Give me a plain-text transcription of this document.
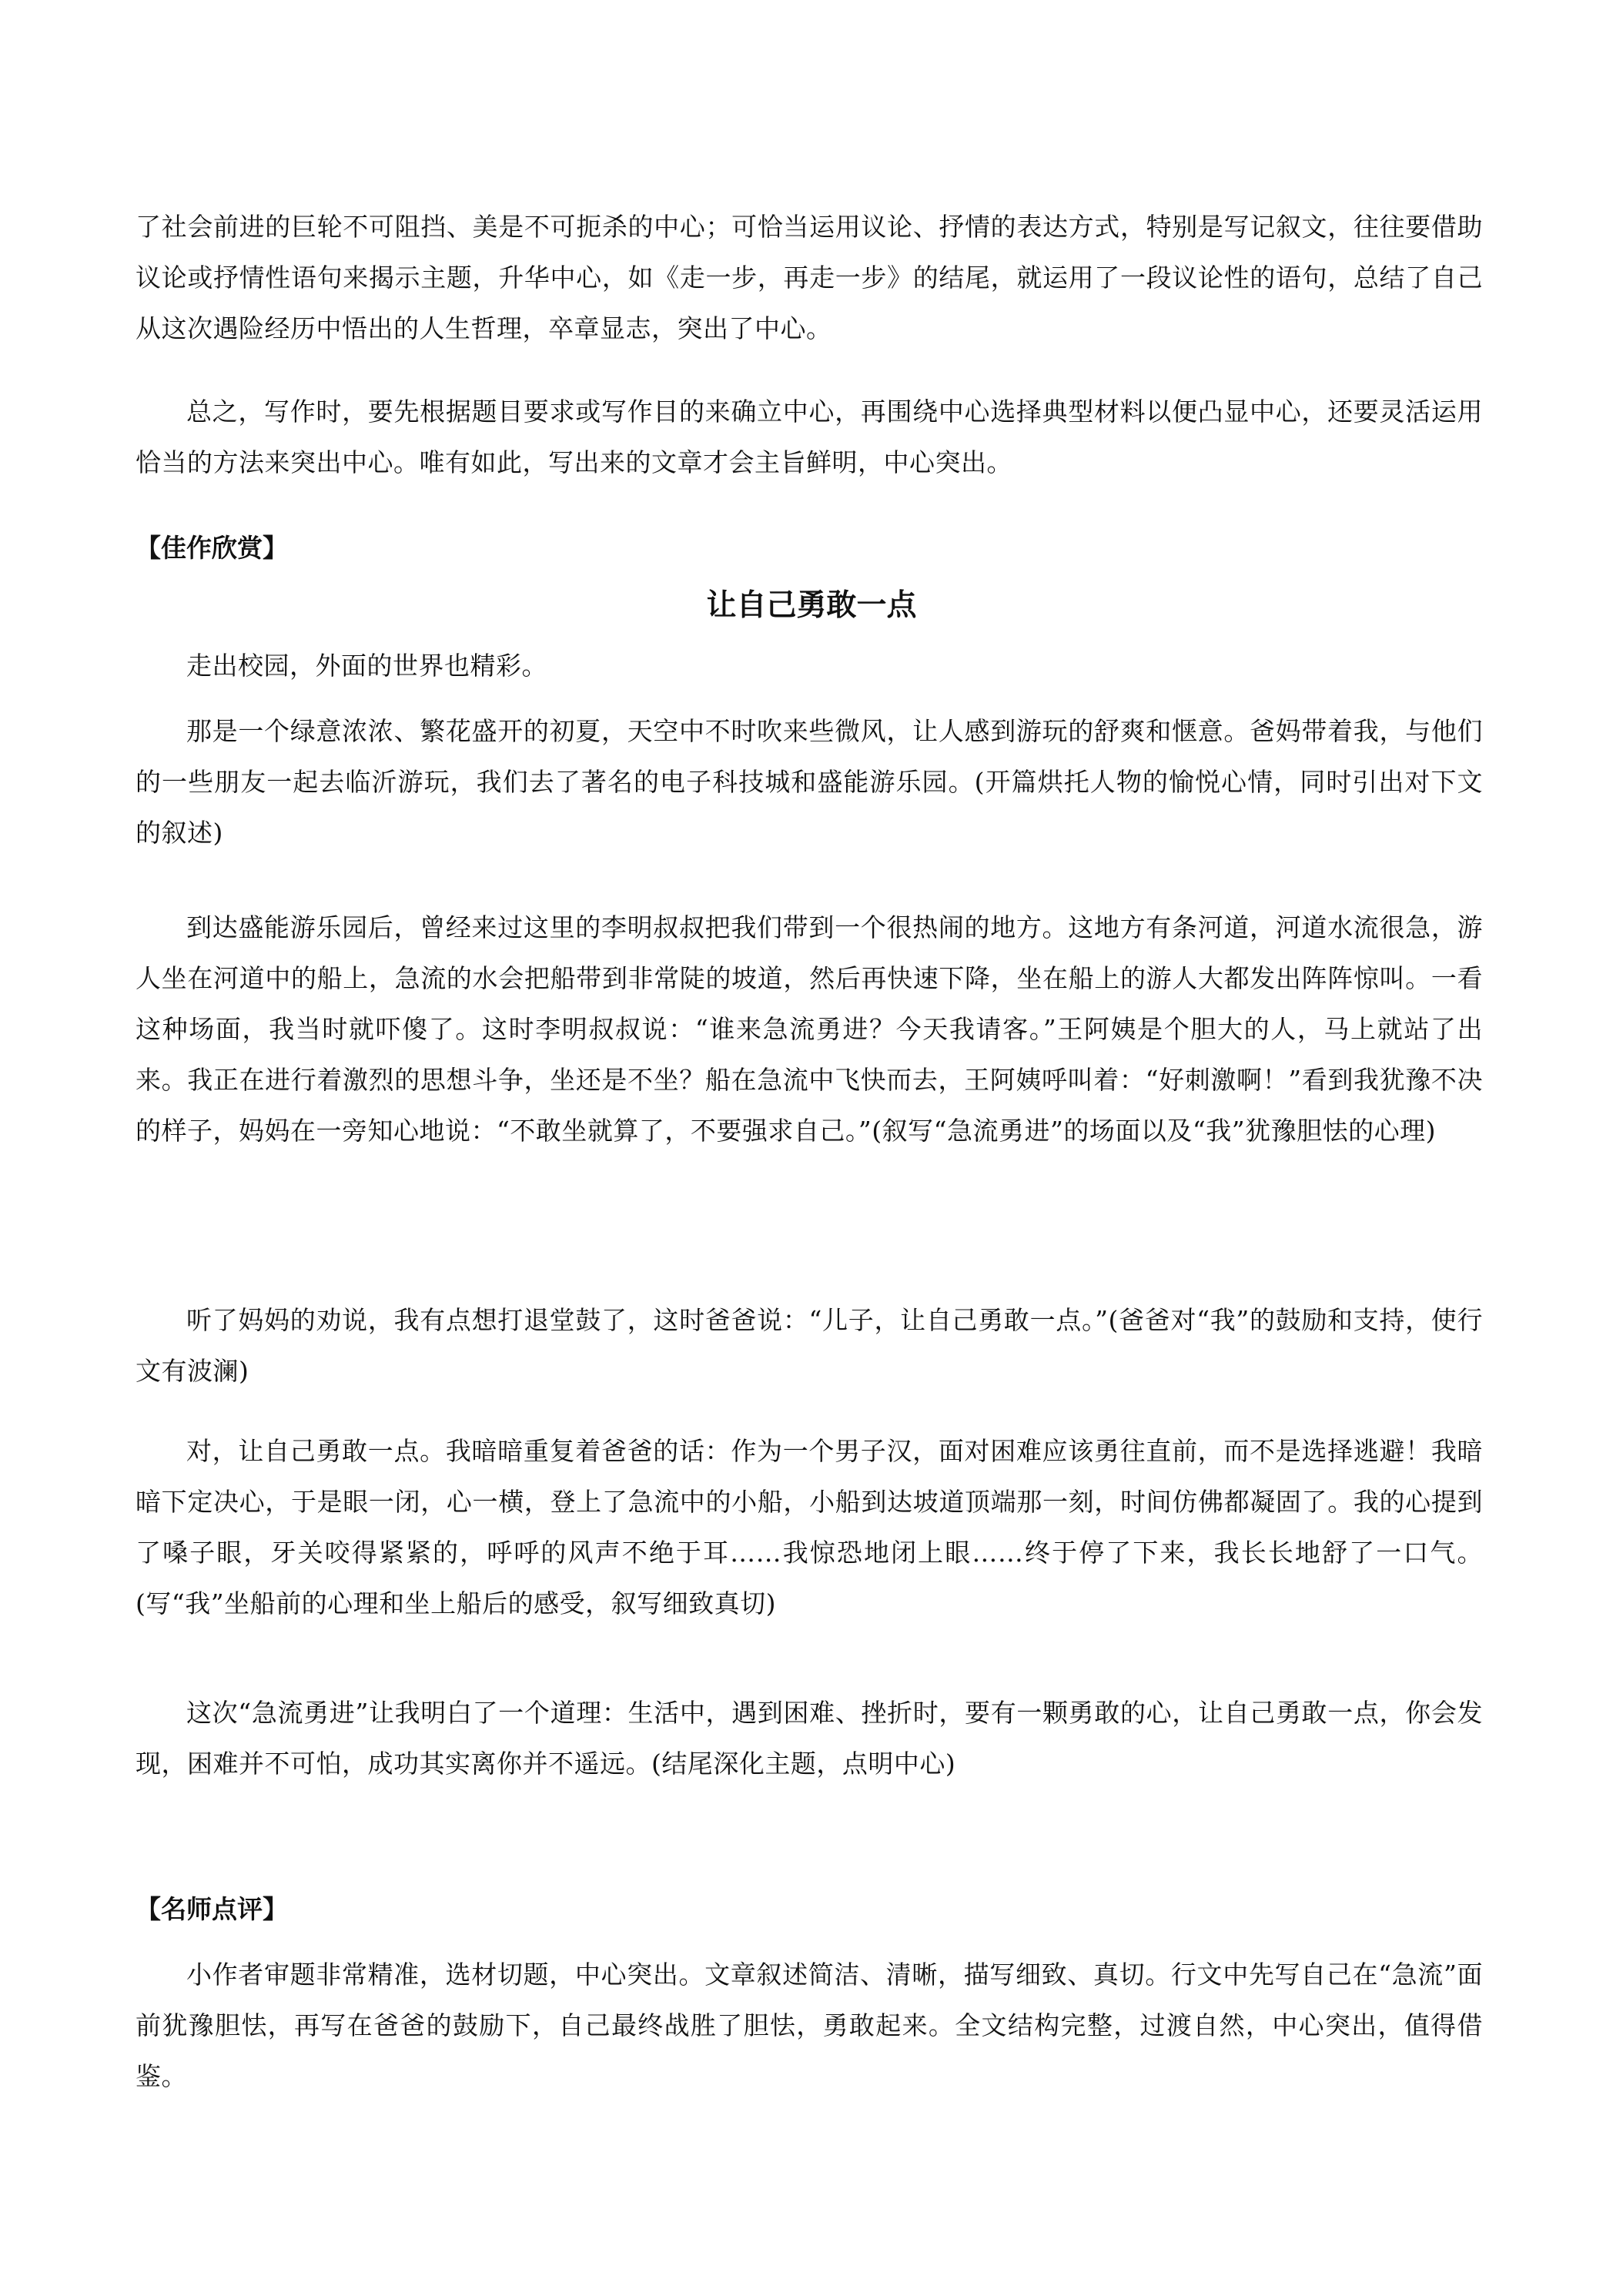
了社会前进的巨轮不可阻挡、美是不可扼杀的中心；可恰当运用议论、抒情的表达方式，特别是写记叙文，往往要借助议论或抒情性语句来揭示主题，升华中心，如《走一步，再走一步》的结尾，就运用了一段议论性的语句，总结了自己从这次遇险经历中悟出的人生哲理，卒章显志，突出了中心。

总之，写作时，要先根据题目要求或写作目的来确立中心，再围绕中心选择典型材料以便凸显中心，还要灵活运用恰当的方法来突出中心。唯有如此，写出来的文章才会主旨鲜明，中心突出。

【佳作欣赏】

让自己勇敢一点

走出校园，外面的世界也精彩。

那是一个绿意浓浓、繁花盛开的初夏，天空中不时吹来些微风，让人感到游玩的舒爽和惬意。爸妈带着我，与他们的一些朋友一起去临沂游玩，我们去了著名的电子科技城和盛能游乐园。(开篇烘托人物的愉悦心情，同时引出对下文的叙述)

到达盛能游乐园后，曾经来过这里的李明叔叔把我们带到一个很热闹的地方。这地方有条河道，河道水流很急，游人坐在河道中的船上，急流的水会把船带到非常陡的坡道，然后再快速下降，坐在船上的游人大都发出阵阵惊叫。一看这种场面，我当时就吓傻了。这时李明叔叔说：“谁来急流勇进？今天我请客。”王阿姨是个胆大的人，马上就站了出来。我正在进行着激烈的思想斗争，坐还是不坐？船在急流中飞快而去，王阿姨呼叫着：“好刺激啊！”看到我犹豫不决的样子，妈妈在一旁知心地说：“不敢坐就算了，不要强求自己。”(叙写“急流勇进”的场面以及“我”犹豫胆怯的心理)

听了妈妈的劝说，我有点想打退堂鼓了，这时爸爸说：“儿子，让自己勇敢一点。”(爸爸对“我”的鼓励和支持，使行文有波澜)

对，让自己勇敢一点。我暗暗重复着爸爸的话：作为一个男子汉，面对困难应该勇往直前，而不是选择逃避！我暗暗下定决心，于是眼一闭，心一横，登上了急流中的小船，小船到达坡道顶端那一刻，时间仿佛都凝固了。我的心提到了嗓子眼，牙关咬得紧紧的，呼呼的风声不绝于耳……我惊恐地闭上眼……终于停了下来，我长长地舒了一口气。(写“我”坐船前的心理和坐上船后的感受，叙写细致真切)

这次“急流勇进”让我明白了一个道理：生活中，遇到困难、挫折时，要有一颗勇敢的心，让自己勇敢一点，你会发现，困难并不可怕，成功其实离你并不遥远。(结尾深化主题，点明中心)

【名师点评】

小作者审题非常精准，选材切题，中心突出。文章叙述简洁、清晰，描写细致、真切。行文中先写自己在“急流”面前犹豫胆怯，再写在爸爸的鼓励下，自己最终战胜了胆怯，勇敢起来。全文结构完整，过渡自然，中心突出，值得借鉴。
